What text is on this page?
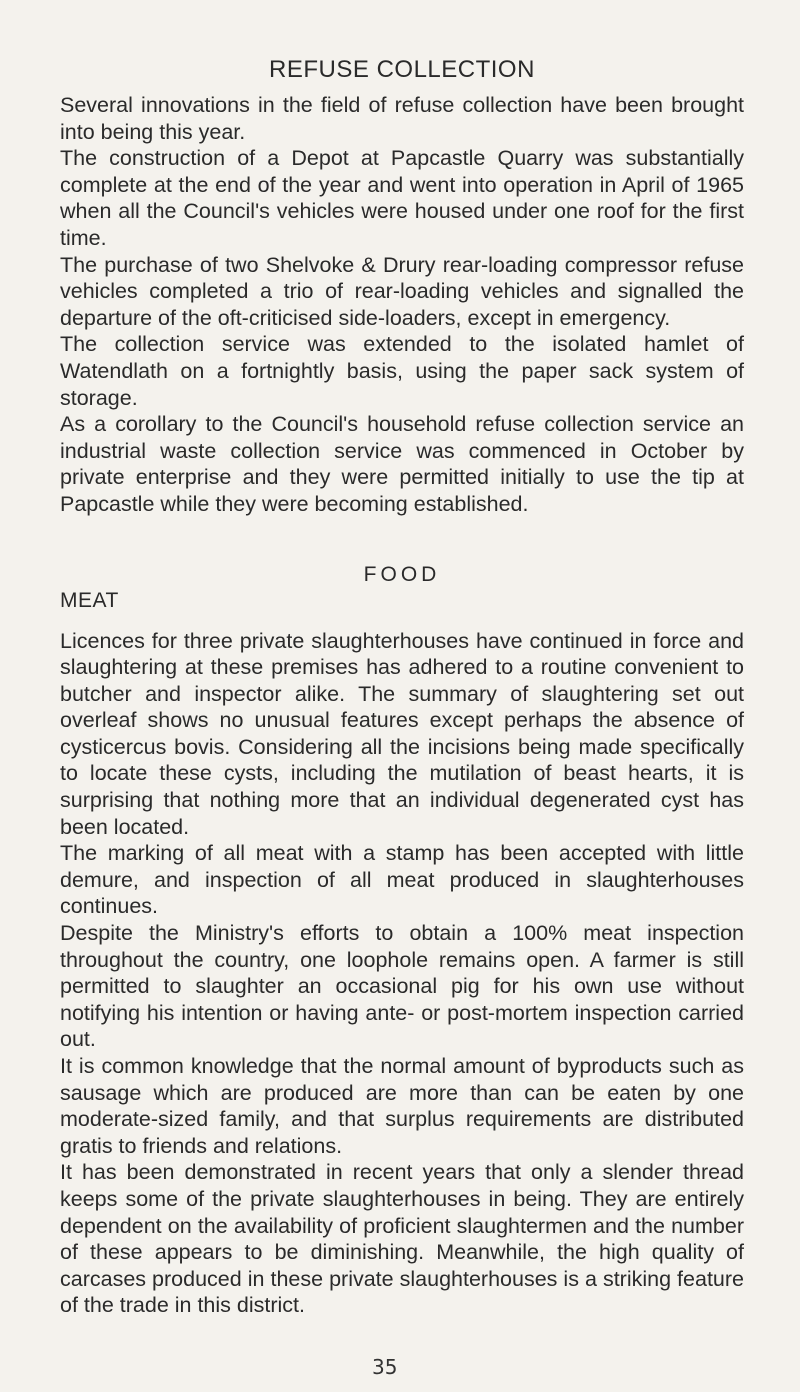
REFUSE COLLECTION

Several innovations in the field of refuse collection have been brought into being this year.

The construction of a Depot at Papcastle Quarry was substantially complete at the end of the year and went into operation in April of 1965 when all the Council's vehicles were housed under one roof for the first time.

The purchase of two Shelvoke & Drury rear-loading compressor refuse vehicles completed a trio of rear-loading vehicles and signalled the departure of the oft-criticised side-loaders, except in emergency.

The collection service was extended to the isolated hamlet of Watendlath on a fortnightly basis, using the paper sack system of storage.

As a corollary to the Council's household refuse collection service an industrial waste collection service was commenced in October by private enterprise and they were permitted initially to use the tip at Papcastle while they were becoming established.

FOOD
MEAT

Licences for three private slaughterhouses have continued in force and slaughtering at these premises has adhered to a routine convenient to butcher and inspector alike. The summary of slaughtering set out overleaf shows no unusual features except perhaps the absence of cysticercus bovis. Considering all the incisions being made specifically to locate these cysts, including the mutilation of beast hearts, it is surprising that nothing more that an individual degenerated cyst has been located.

The marking of all meat with a stamp has been accepted with little demure, and inspection of all meat produced in slaughterhouses continues.

Despite the Ministry's efforts to obtain a 100% meat inspection throughout the country, one loophole remains open. A farmer is still permitted to slaughter an occasional pig for his own use without notifying his intention or having ante- or post-mortem inspection carried out.

It is common knowledge that the normal amount of byproducts such as sausage which are produced are more than can be eaten by one moderate-sized family, and that surplus requirements are distributed gratis to friends and relations.

It has been demonstrated in recent years that only a slender thread keeps some of the private slaughterhouses in being. They are entirely dependent on the availability of proficient slaughtermen and the number of these appears to be diminishing. Meanwhile, the high quality of carcases produced in these private slaughterhouses is a striking feature of the trade in this district.

35
